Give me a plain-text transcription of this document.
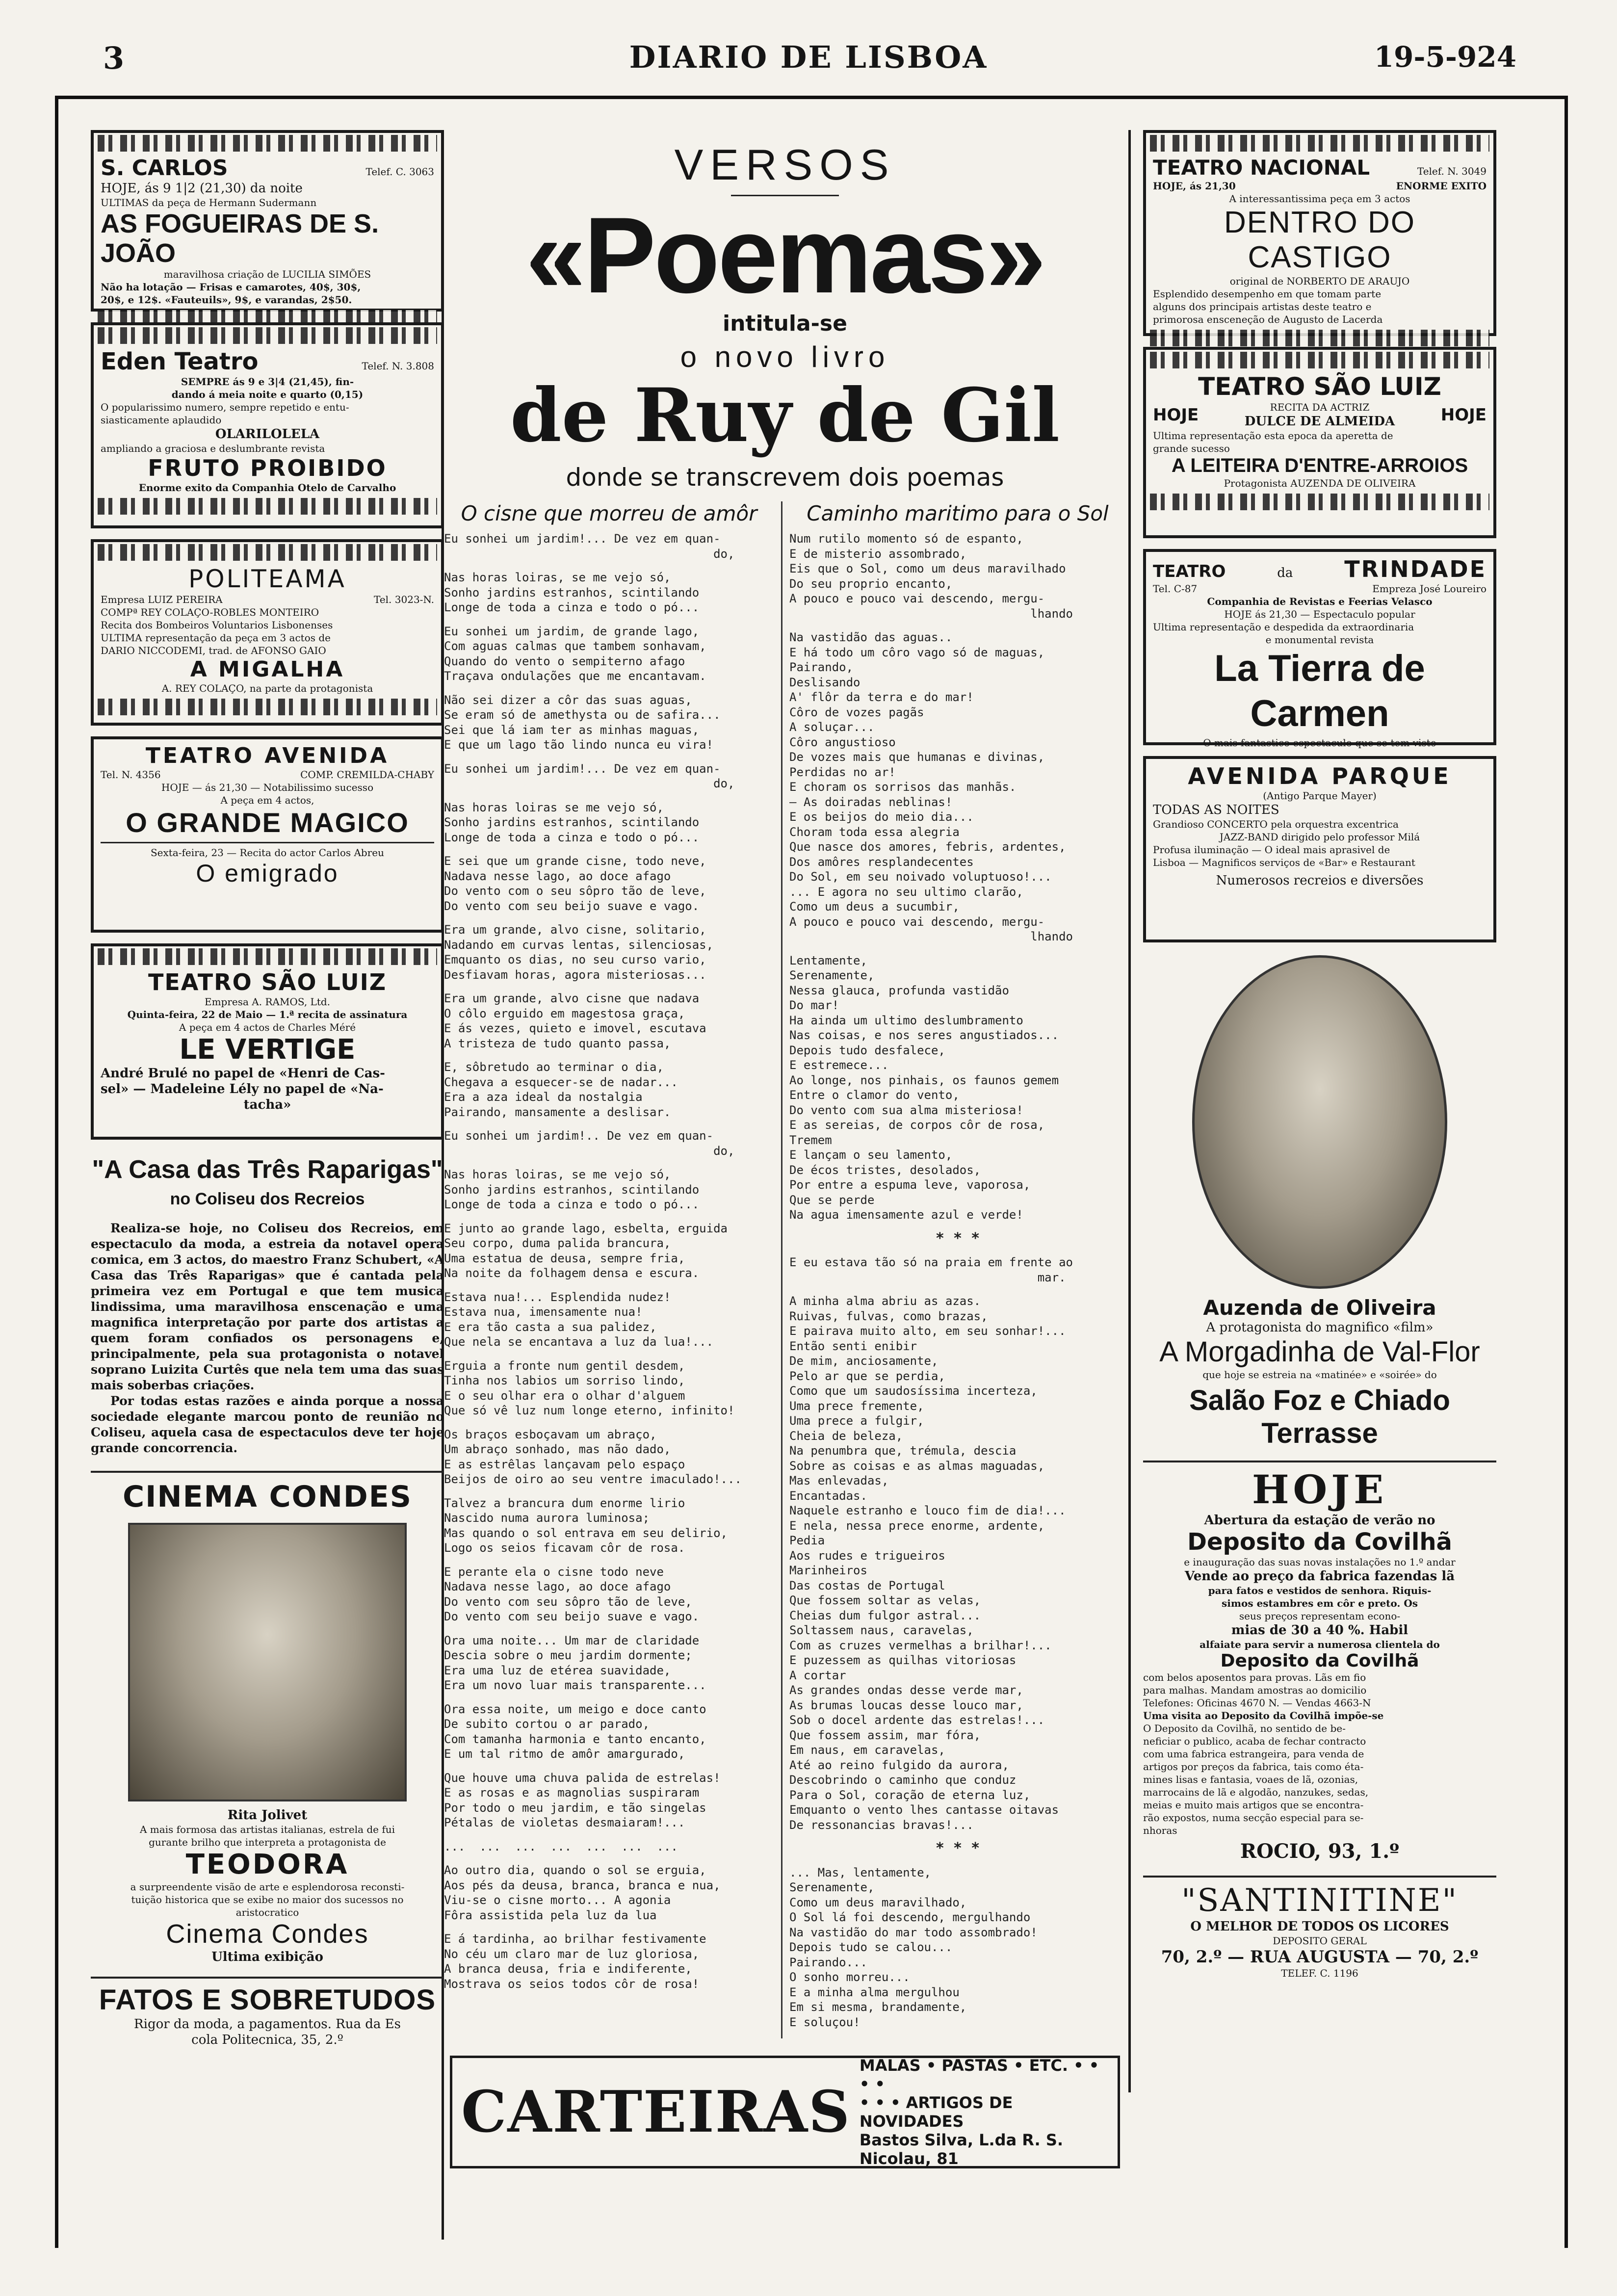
3	DIARIO DE LISBOA	19-5-924
S. CARLOS	Telef. C. 3063
HOJE, ás 9 1|2 (21,30) da noite
ULTIMAS da peça de Hermann Sudermann
AS FOGUEIRAS DE S. JOÃO
maravilhosa criação de LUCILIA SIMÕES
Não ha lotação — Frisas e camarotes, 40$, 30$,
20$, e 12$. «Fauteuils», 9$, e varandas, 2$50.
Eden Teatro	Telef. N. 3.808
SEMPRE ás 9 e 3|4 (21,45), fin-
dando á meia noite e quarto (0,15)
O popularissimo numero, sempre repetido e entu-
siasticamente aplaudido
OLARILOLELA
ampliando a graciosa e deslumbrante revista
FRUTO PROIBIDO
Enorme exito da Companhia Otelo de Carvalho
POLITEAMA
Empresa LUIZ PEREIRA	Tel. 3023-N.
COMPª REY COLAÇO-ROBLES MONTEIRO
Recita dos Bombeiros Voluntarios Lisbonenses
ULTIMA representação da peça em 3 actos de
DARIO NICCODEMI, trad. de AFONSO GAIO
A MIGALHA
A. REY COLAÇO, na parte da protagonista
TEATRO AVENIDA
Tel. N. 4356	COMP. CREMILDA-CHABY
HOJE — ás 21,30 — Notabilissimo sucesso
A peça em 4 actos,
O GRANDE MAGICO
Sexta-feira, 23 — Recita do actor Carlos Abreu
O emigrado
TEATRO SÃO LUIZ
Empresa A. RAMOS, Ltd.
Quinta-feira, 22 de Maio — 1.ª recita de assinatura
A peça em 4 actos de Charles Méré
LE VERTIGE
André Brulé no papel de «Henri de Cas-
sel» — Madeleine Lély no papel de «Na-
tacha»
"A Casa das Três Raparigas"
no Coliseu dos Recreios
Realiza-se hoje, no Coliseu dos Recreios, em espectaculo da moda, a estreia da notavel opera comica, em 3 actos, do maestro Franz Schubert, «A Casa das Três Raparigas» que é cantada pela primeira vez em Portugal e que tem musica lindissima, uma maravilhosa enscenação e uma magnifica interpretação por parte dos artistas a quem foram confiados os personagens e, principalmente, pela sua protagonista o notavel soprano Luizita Curtês que nela tem uma das suas mais soberbas criações.
Por todas estas razões e ainda porque a nossa sociedade elegante marcou ponto de reunião no Coliseu, aquela casa de espectaculos deve ter hoje grande concorrencia.
CINEMA CONDES
Rita Jolivet
A mais formosa das artistas italianas, estrela de fui
gurante brilho que interpreta a protagonista de
TEODORA
a surpreendente visão de arte e esplendorosa reconsti-
tuição historica que se exibe no maior dos sucessos no
aristocratico
Cinema Condes
Ultima exibição
FATOS E SOBRETUDOS
Rigor da moda, a pagamentos. Rua da Es
cola Politecnica, 35, 2.º
VERSOS
«Poemas»
intitula-se
o novo livro
de Ruy de Gil
donde se transcrevem dois poemas
O cisne que morreu de amôr
Eu sonhei um jardim!... De vez em quan-
do,
Nas horas loiras, se me vejo só,
Sonho jardins estranhos, scintilando
Longe de toda a cinza e todo o pó...
Eu sonhei um jardim, de grande lago,
Com aguas calmas que tambem sonhavam,
Quando do vento o sempiterno afago
Traçava ondulações que me encantavam.
Não sei dizer a côr das suas aguas,
Se eram só de amethysta ou de safira...
Sei que lá iam ter as minhas maguas,
E que um lago tão lindo nunca eu vira!
Eu sonhei um jardim!... De vez em quan-
do,
Nas horas loiras se me vejo só,
Sonho jardins estranhos, scintilando
Longe de toda a cinza e todo o pó...
E sei que um grande cisne, todo neve,
Nadava nesse lago, ao doce afago
Do vento com o seu sôpro tão de leve,
Do vento com seu beijo suave e vago.
Era um grande, alvo cisne, solitario,
Nadando em curvas lentas, silenciosas,
Emquanto os dias, no seu curso vario,
Desfiavam horas, agora misteriosas...
Era um grande, alvo cisne que nadava
O côlo erguido em magestosa graça,
E ás vezes, quieto e imovel, escutava
A tristeza de tudo quanto passa,
E, sôbretudo ao terminar o dia,
Chegava a esquecer-se de nadar...
Era a aza ideal da nostalgia
Pairando, mansamente a deslisar.
Eu sonhei um jardim!.. De vez em quan-
do,
Nas horas loiras, se me vejo só,
Sonho jardins estranhos, scintilando
Longe de toda a cinza e todo o pó...
E junto ao grande lago, esbelta, erguida
Seu corpo, duma palida brancura,
Uma estatua de deusa, sempre fria,
Na noite da folhagem densa e escura.
Estava nua!... Esplendida nudez!
Estava nua, imensamente nua!
E era tão casta a sua palidez,
Que nela se encantava a luz da lua!...
Erguia a fronte num gentil desdem,
Tinha nos labios um sorriso lindo,
E o seu olhar era o olhar d'alguem
Que só vê luz num longe eterno, infinito!
Os braços esboçavam um abraço,
Um abraço sonhado, mas não dado,
E as estrêlas lançavam pelo espaço
Beijos de oiro ao seu ventre imaculado!...
Talvez a brancura dum enorme lirio
Nascido numa aurora luminosa;
Mas quando o sol entrava em seu delirio,
Logo os seios ficavam côr de rosa.
E perante ela o cisne todo neve
Nadava nesse lago, ao doce afago
Do vento com seu sôpro tão de leve,
Do vento com seu beijo suave e vago.
Ora uma noite... Um mar de claridade
Descia sobre o meu jardim dormente;
Era uma luz de etérea suavidade,
Era um novo luar mais transparente...
Ora essa noite, um meigo e doce canto
De subito cortou o ar parado,
Com tamanha harmonia e tanto encanto,
E um tal ritmo de amôr amargurado,
Que houve uma chuva palida de estrelas!
E as rosas e as magnolias suspiraram
Por todo o meu jardim, e tão singelas
Pétalas de violetas desmaiaram!...
...  ...  ...  ...  ...  ...  ...
Ao outro dia, quando o sol se erguia,
Aos pés da deusa, branca, branca e nua,
Viu-se o cisne morto... A agonia
Fôra assistida pela luz da lua
E á tardinha, ao brilhar festivamente
No céu um claro mar de luz gloriosa,
A branca deusa, fria e indiferente,
Mostrava os seios todos côr de rosa!
Caminho maritimo para o Sol
Num rutilo momento só de espanto,
E de misterio assombrado,
Eis que o Sol, como um deus maravilhado
Do seu proprio encanto,
A pouco e pouco vai descendo, mergu-
lhando
Na vastidão das aguas..
E há todo um côro vago só de maguas,
Pairando,
Deslisando
A' flôr da terra e do mar!
Côro de vozes pagãs
A soluçar...
Côro angustioso
De vozes mais que humanas e divinas,
Perdidas no ar!
E choram os sorrisos das manhãs.
— As doiradas neblinas!
E os beijos do meio dia...
Choram toda essa alegria
Que nasce dos amores, febris, ardentes,
Dos amôres resplandecentes
Do Sol, em seu noivado voluptuoso!...
... E agora no seu ultimo clarão,
Como um deus a sucumbir,
A pouco e pouco vai descendo, mergu-
lhando
Lentamente,
Serenamente,
Nessa glauca, profunda vastidão
Do mar!
Ha ainda um ultimo deslumbramento
Nas coisas, e nos seres angustiados...
Depois tudo desfalece,
E estremece...
Ao longe, nos pinhais, os faunos gemem
Entre o clamor do vento,
Do vento com sua alma misteriosa!
E as sereias, de corpos côr de rosa,
Tremem
E lançam o seu lamento,
De écos tristes, desolados,
Por entre a espuma leve, vaporosa,
Que se perde
Na agua imensamente azul e verde!
* * *
E eu estava tão só na praia em frente ao
mar.
A minha alma abriu as azas.
Ruivas, fulvas, como brazas,
E pairava muito alto, em seu sonhar!...
Então senti enibir
De mim, anciosamente,
Pelo ar que se perdia,
Como que um saudosíssima incerteza,
Uma prece fremente,
Uma prece a fulgir,
Cheia de beleza,
Na penumbra que, trémula, descia
Sobre as coisas e as almas maguadas,
Mas enlevadas,
Encantadas.
Naquele estranho e louco fim de dia!...
E nela, nessa prece enorme, ardente,
Pedia
Aos rudes e trigueiros
Marinheiros
Das costas de Portugal
Que fossem soltar as velas,
Cheias dum fulgor astral...
Soltassem naus, caravelas,
Com as cruzes vermelhas a brilhar!...
E puzessem as quilhas vitoriosas
A cortar
As grandes ondas desse verde mar,
As brumas loucas desse louco mar,
Sob o docel ardente das estrelas!...
Que fossem assim, mar fóra,
Em naus, em caravelas,
Até ao reino fulgido da aurora,
Descobrindo o caminho que conduz
Para o Sol, coração de eterna luz,
Emquanto o vento lhes cantasse oitavas
De ressonancias bravas!...
* * *
... Mas, lentamente,
Serenamente,
Como um deus maravilhado,
O Sol lá foi descendo, mergulhando
Na vastidão do mar todo assombrado!
Depois tudo se calou...
Pairando...
O sonho morreu...
E a minha alma mergulhou
Em si mesma, brandamente,
E soluçou!
CARTEIRAS
MALAS • PASTAS • ETC. • • • •
• • • ARTIGOS DE NOVIDADES
Bastos Silva, L.da R. S. Nicolau, 81
TEATRO NACIONAL	Telef. N. 3049
HOJE, ás 21,30	ENORME EXITO
A interessantissima peça em 3 actos
DENTRO DO CASTIGO
original de NORBERTO DE ARAUJO
Esplendido desempenho em que tomam parte
alguns dos principais artistas deste teatro e
primorosa ensceneção de Augusto de Lacerda
TEATRO SÃO LUIZ
HOJE	RECITA DA ACTRIZ
DULCE DE ALMEIDA	HOJE
Ultima representação esta epoca da aperetta de
grande sucesso
A LEITEIRA D'ENTRE-ARROIOS
Protagonista AUZENDA DE OLIVEIRA
TEATRO	da TRINDADE
Tel. C-87	Empreza José Loureiro
Companhia de Revistas e Feerias Velasco
HOJE ás 21,30 — Espectaculo popular
Ultima representação e despedida da extraordinaria
e monumental revista
La Tierra de Carmen
O mais fantastico espectaculo que se tem visto
AVENIDA PARQUE
(Antigo Parque Mayer)
TODAS AS NOITES
Grandioso CONCERTO pela orquestra excentrica
JAZZ-BAND dirigido pelo professor Milá
Profusa iluminação — O ideal mais aprasivel de
Lisboa — Magnificos serviços de «Bar» e Restaurant
Numerosos recreios e diversões
Auzenda de Oliveira
A protagonista do magnifico «film»
A Morgadinha de Val-Flor
que hoje se estreia na «matinée» e «soirée» do
Salão Foz e Chiado Terrasse
HOJE
Abertura da estação de verão no
Deposito da Covilhã
e inauguração das suas novas instalações no 1.º andar
Vende ao preço da fabrica fazendas lã
para fatos e vestidos de senhora. Riquis-
simos estambres em côr e preto. Os
seus preços representam econo-
mias de 30 a 40 %. Habil
alfaiate para servir a numerosa clientela do
Deposito da Covilhã
com belos aposentos para provas. Lãs em fio
para malhas. Mandam amostras ao domicilio
Telefones: Oficinas 4670 N. — Vendas 4663-N
Uma visita ao Deposito da Covilhã impõe-se
O Deposito da Covilhã, no sentido de be-
neficiar o publico, acaba de fechar contracto
com uma fabrica estrangeira, para venda de
artigos por preços da fabrica, tais como éta-
mines lisas e fantasia, voaes de lã, ozonias,
marrocains de lã e algodão, nanzukes, sedas,
meias e muito mais artigos que se encontra-
rão expostos, numa secção especial para se-
nhoras
ROCIO, 93, 1.º
"SANTINITINE"
O MELHOR DE TODOS OS LICORES
DEPOSITO GERAL
70, 2.º — RUA AUGUSTA — 70, 2.º
TELEF. C. 1196
